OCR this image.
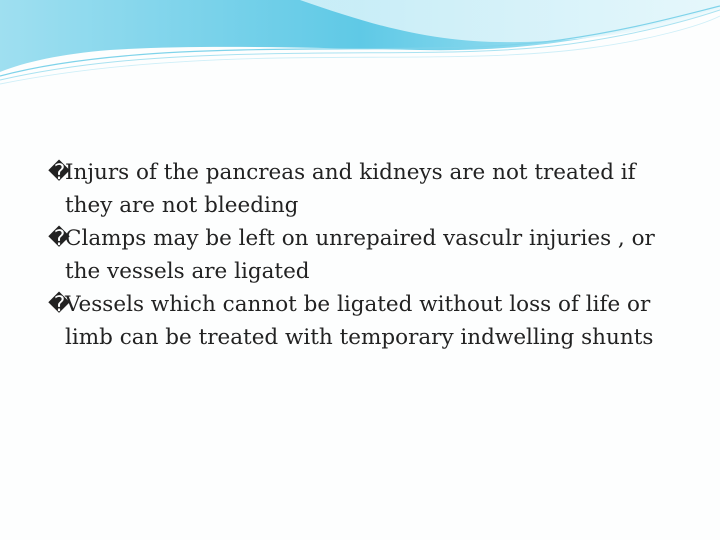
�
Injurs of the pancreas and kidneys are not treated if they are not bleeding
�
Clamps may be left on unrepaired vasculr injuries , or the vessels are ligated
�
Vessels which cannot be ligated without loss of life or limb can be treated with temporary indwelling shunts
